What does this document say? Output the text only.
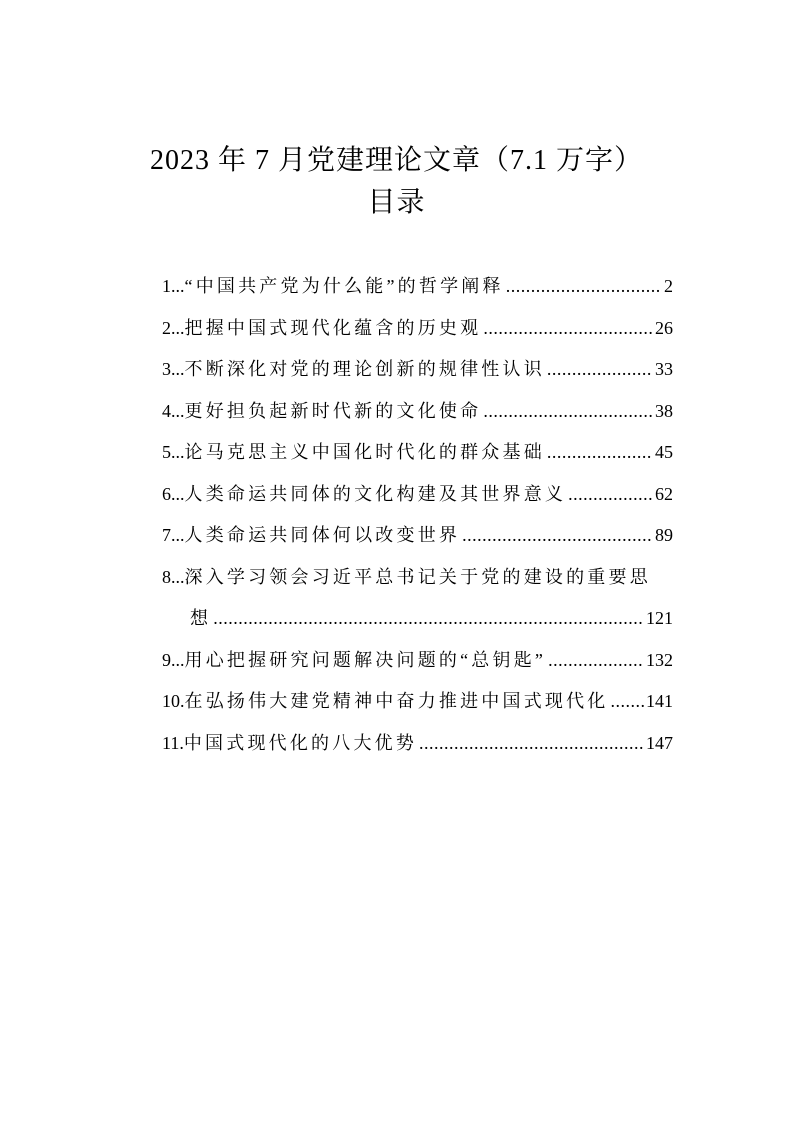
2023 年 7 月党建理论文章（7.1 万字）
目录
1... “中国共产党为什么能”的哲学阐释 .....	2
2... 把握中国式现代化蕴含的历史观 .....	26
3... 不断深化对党的理论创新的规律性认识 .....	33
4... 更好担负起新时代新的文化使命 .....	38
5... 论马克思主义中国化时代化的群众基础 .....	45
6... 人类命运共同体的文化构建及其世界意义 .....	62
7... 人类命运共同体何以改变世界 .....	89
8... 深入学习领会习近平总书记关于党的建设的重要思
想 .....	121
9... 用心把握研究问题解决问题的“总钥匙” .....	132
10. 在弘扬伟大建党精神中奋力推进中国式现代化 ..... 141
11. 中国式现代化的八大优势 .....	147
